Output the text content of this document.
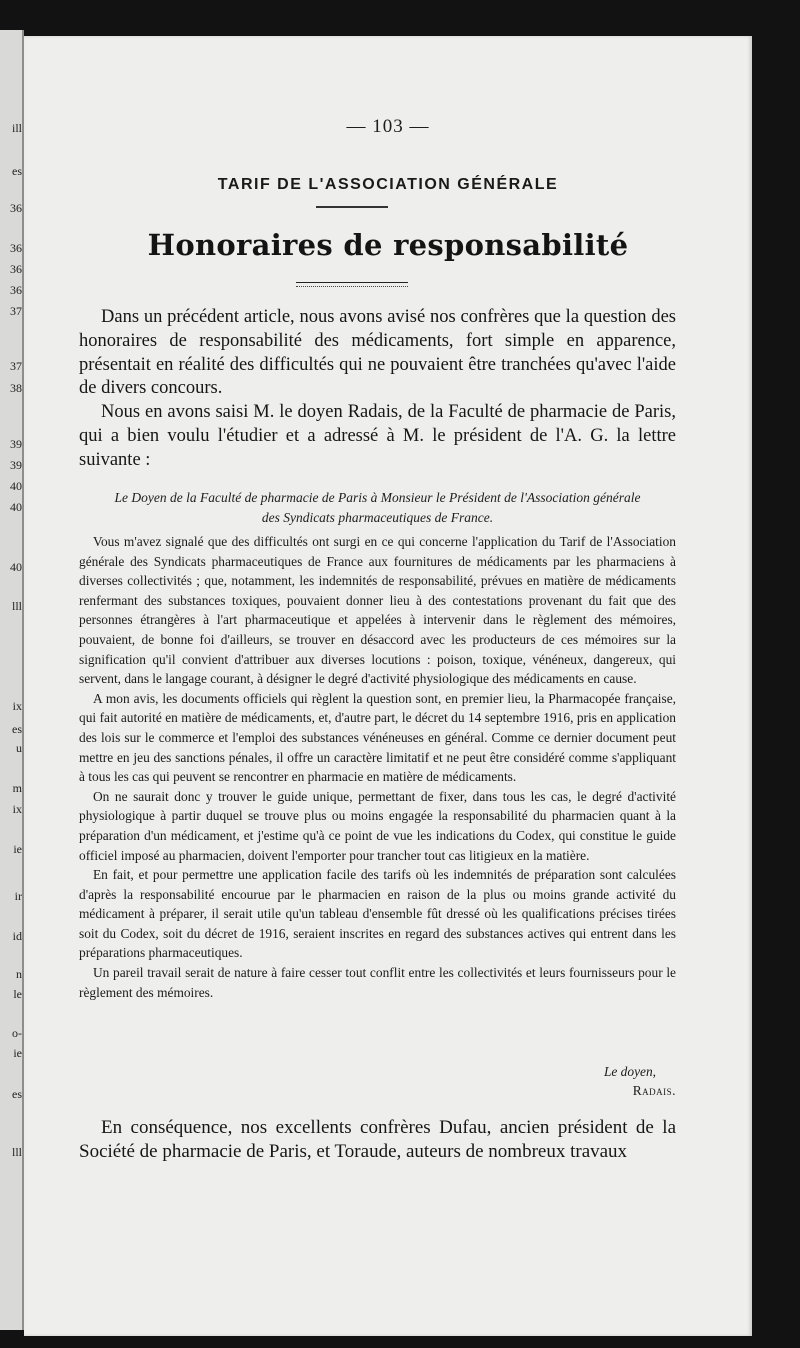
ill
es
36
36
36
36
37
37
38
39
39
40
40
40
lll
ix
es
u
m
ix
ie
ir
id
n
le
o-
ie
es
lll
— 103 —
TARIF DE L'ASSOCIATION GÉNÉRALE
Honoraires de responsabilité

Dans un précédent article, nous avons avisé nos confrères que la question des honoraires de responsabilité des médicaments, fort simple en apparence, présentait en réalité des difficultés qui ne pouvaient être tranchées qu'avec l'aide de divers concours.

Nous en avons saisi M. le doyen Radais, de la Faculté de pharmacie de Paris, qui a bien voulu l'étudier et a adressé à M. le président de l'A. G. la lettre suivante :

Le Doyen de la Faculté de pharmacie de Paris à Monsieur le Président de l'Association générale
des Syndicats pharmaceutiques de France.

Vous m'avez signalé que des difficultés ont surgi en ce qui concerne l'application du Tarif de l'Association générale des Syndicats pharmaceutiques de France aux fournitures de médicaments par les pharmaciens à diverses collectivités ; que, notamment, les indemnités de responsabilité, prévues en matière de médicaments renfermant des substances toxiques, pouvaient donner lieu à des contestations provenant du fait que des personnes étrangères à l'art pharmaceutique et appelées à intervenir dans le règlement des mémoires, pouvaient, de bonne foi d'ailleurs, se trouver en désaccord avec les producteurs de ces mémoires sur la signification qu'il convient d'attribuer aux diverses locutions : poison, toxique, vénéneux, dangereux, qui servent, dans le langage courant, à désigner le degré d'activité physiologique des médicaments en cause.

A mon avis, les documents officiels qui règlent la question sont, en premier lieu, la Pharmacopée française, qui fait autorité en matière de médicaments, et, d'autre part, le décret du 14 septembre 1916, pris en application des lois sur le commerce et l'emploi des substances vénéneuses en général. Comme ce dernier document peut mettre en jeu des sanctions pénales, il offre un caractère limitatif et ne peut être considéré comme s'appliquant à tous les cas qui peuvent se rencontrer en pharmacie en matière de médicaments.

On ne saurait donc y trouver le guide unique, permettant de fixer, dans tous les cas, le degré d'activité physiologique à partir duquel se trouve plus ou moins engagée la responsabilité du pharmacien quant à la préparation d'un médicament, et j'estime qu'à ce point de vue les indications du Codex, qui constitue le guide officiel imposé au pharmacien, doivent l'emporter pour trancher tout cas litigieux en la matière.

En fait, et pour permettre une application facile des tarifs où les indemnités de préparation sont calculées d'après la responsabilité encourue par le pharmacien en raison de la plus ou moins grande activité du médicament à préparer, il serait utile qu'un tableau d'ensemble fût dressé où les qualifications précises tirées soit du Codex, soit du décret de 1916, seraient inscrites en regard des substances actives qui entrent dans les préparations pharmaceutiques.

Un pareil travail serait de nature à faire cesser tout conflit entre les collectivités et leurs fournisseurs pour le règlement des mémoires.

Le doyen,
Radais.

En conséquence, nos excellents confrères Dufau, ancien président de la Société de pharmacie de Paris, et Toraude, auteurs de nombreux travaux
